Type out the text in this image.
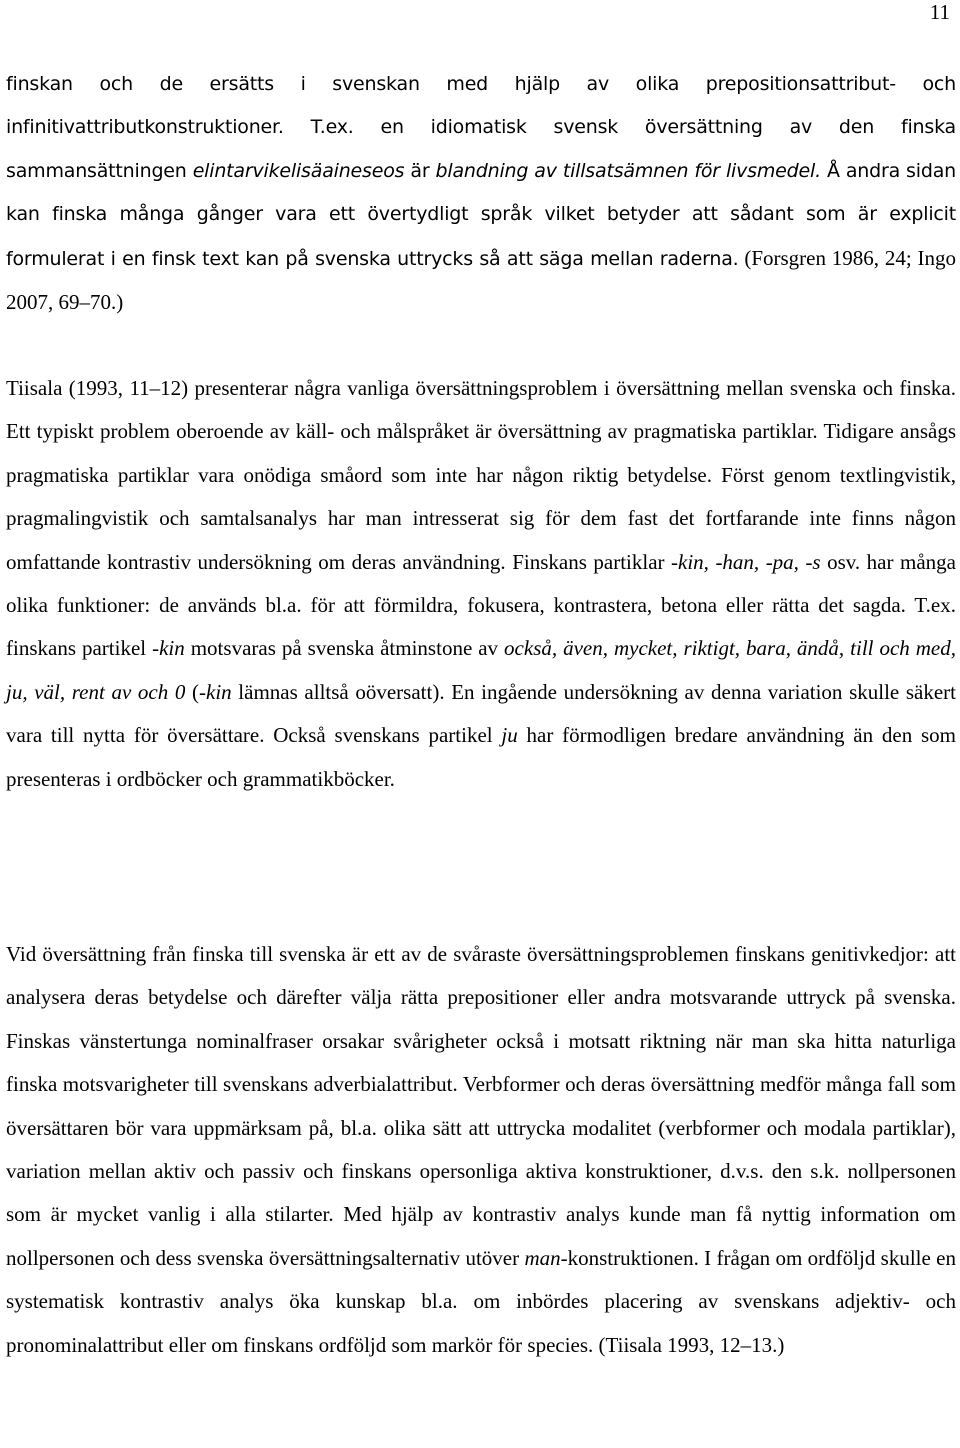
11

finskan och de ersätts i svenskan med hjälp av olika prepositionsattribut- och infinitivattributkonstruktioner. T.ex. en idiomatisk svensk översättning av den finska sammansättningen elintarvikelisäaineseos är blandning av tillsatsämnen för livsmedel. Å andra sidan kan finska många gånger vara ett övertydligt språk vilket betyder att sådant som är explicit formulerat i en finsk text kan på svenska uttrycks så att säga mellan raderna. (Forsgren 1986, 24; Ingo 2007, 69–70.)

Tiisala (1993, 11–12) presenterar några vanliga översättningsproblem i översättning mellan svenska och finska. Ett typiskt problem oberoende av käll- och målspråket är översättning av pragmatiska partiklar. Tidigare ansågs pragmatiska partiklar vara onödiga småord som inte har någon riktig betydelse. Först genom textlingvistik, pragmalingvistik och samtalsanalys har man intresserat sig för dem fast det fortfarande inte finns någon omfattande kontrastiv undersökning om deras användning. Finskans partiklar -kin, -han, -pa, -s osv. har många olika funktioner: de används bl.a. för att förmildra, fokusera, kontrastera, betona eller rätta det sagda. T.ex. finskans partikel -kin motsvaras på svenska åtminstone av också, även, mycket, riktigt, bara, ändå, till och med, ju, väl, rent av och 0 (-kin lämnas alltså oöversatt). En ingående undersökning av denna variation skulle säkert vara till nytta för översättare. Också svenskans partikel ju har förmodligen bredare användning än den som presenteras i ordböcker och grammatikböcker.

Vid översättning från finska till svenska är ett av de svåraste översättningsproblemen finskans genitivkedjor: att analysera deras betydelse och därefter välja rätta prepositioner eller andra motsvarande uttryck på svenska. Finskas vänstertunga nominalfraser orsakar svårigheter också i motsatt riktning när man ska hitta naturliga finska motsvarigheter till svenskans adverbialattribut. Verbformer och deras översättning medför många fall som översättaren bör vara uppmärksam på, bl.a. olika sätt att uttrycka modalitet (verbformer och modala partiklar), variation mellan aktiv och passiv och finskans opersonliga aktiva konstruktioner, d.v.s. den s.k. nollpersonen som är mycket vanlig i alla stilarter. Med hjälp av kontrastiv analys kunde man få nyttig information om nollpersonen och dess svenska översättningsalternativ utöver man-konstruktionen. I frågan om ordföljd skulle en systematisk kontrastiv analys öka kunskap bl.a. om inbördes placering av svenskans adjektiv- och pronominalattribut eller om finskans ordföljd som markör för species. (Tiisala 1993, 12–13.)
